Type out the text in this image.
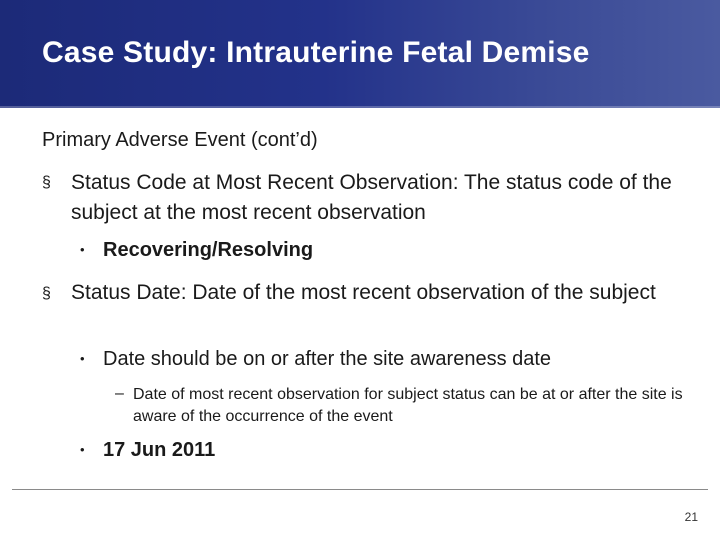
Case Study: Intrauterine Fetal Demise
Primary Adverse Event (cont’d)
§ Status Code at Most Recent Observation: The status code of the subject at the most recent observation
• Recovering/Resolving
§ Status Date: Date of the most recent observation of the subject
• Date should be on or after the site awareness date
– Date of most recent observation for subject status can be at or after the site is aware of the occurrence of the event
• 17 Jun 2011
21
